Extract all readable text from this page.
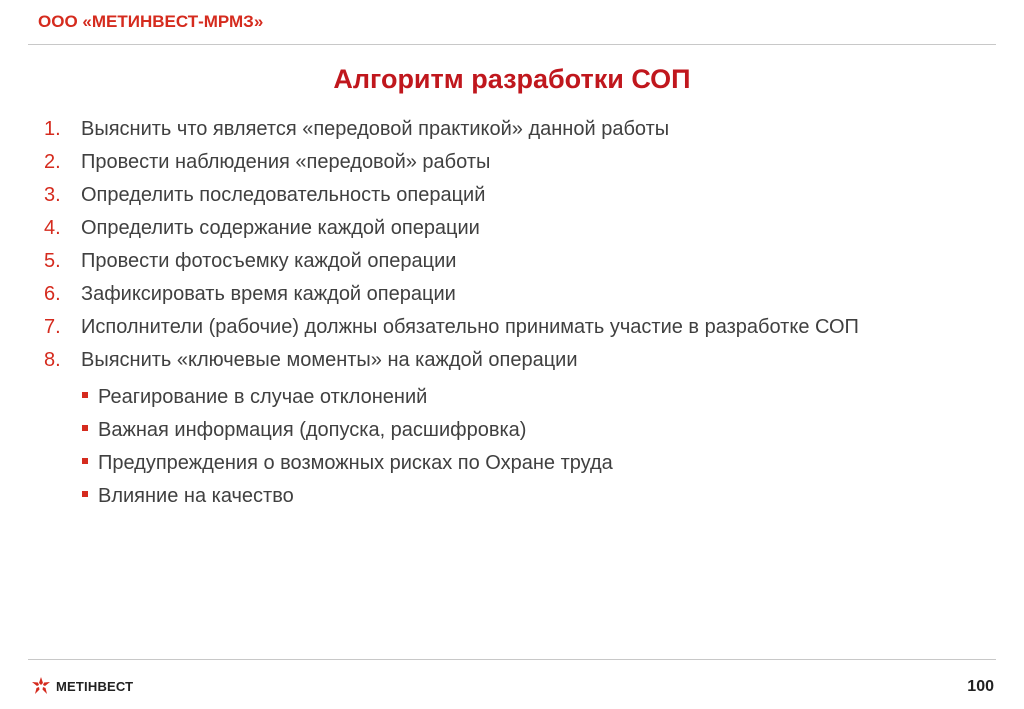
ООО «МЕТИНВЕСТ-МРМЗ»
Алгоритм разработки СОП
1.	Выяснить что является «передовой практикой» данной работы
2.	Провести наблюдения «передовой» работы
3.	Определить последовательность операций
4.	Определить содержание каждой операции
5.	Провести фотосъемку каждой операции
6.	Зафиксировать время каждой операции
7.	Исполнители (рабочие) должны обязательно принимать участие в разработке СОП
8.	Выяснить «ключевые моменты» на каждой операции
Реагирование в случае отклонений
Важная информация (допуска, расшифровка)
Предупреждения о возможных рисках по Охране труда
Влияние на качество
МЕТІНВЕСТ	100
